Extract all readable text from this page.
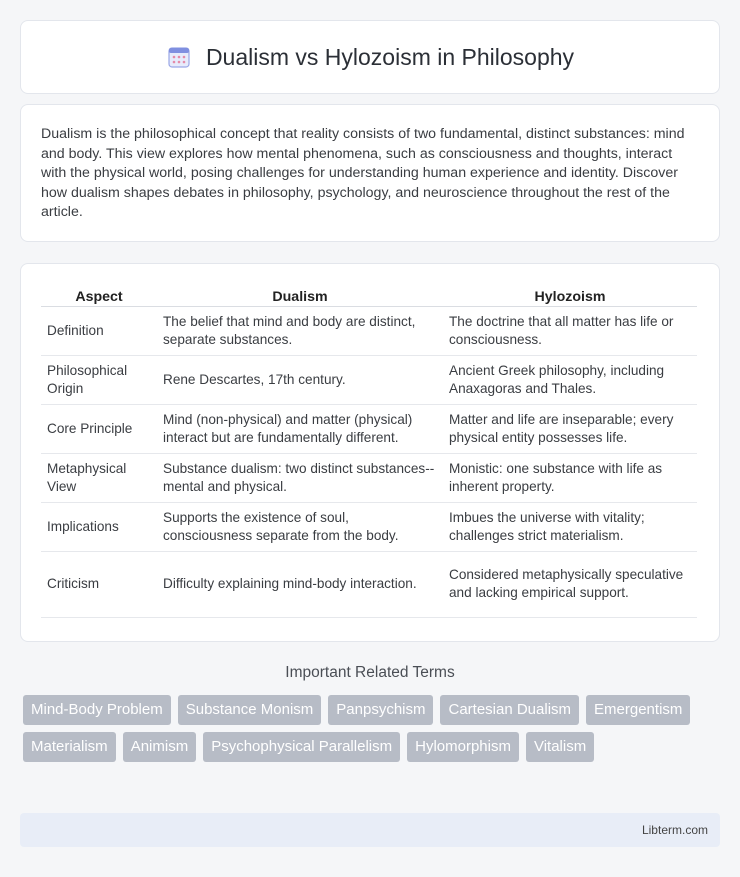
Dualism vs Hylozoism in Philosophy

Dualism is the philosophical concept that reality consists of two fundamental, distinct substances: mind and body. This view explores how mental phenomena, such as consciousness and thoughts, interact with the physical world, posing challenges for understanding human experience and identity. Discover how dualism shapes debates in philosophy, psychology, and neuroscience throughout the rest of the article.

Aspect	Dualism	Hylozoism
Definition	The belief that mind and body are distinct, separate substances.	The doctrine that all matter has life or consciousness.
Philosophical Origin	Rene Descartes, 17th century.	Ancient Greek philosophy, including Anaxagoras and Thales.
Core Principle	Mind (non-physical) and matter (physical) interact but are fundamentally different.	Matter and life are inseparable; every physical entity possesses life.
Metaphysical View	Substance dualism: two distinct substances--mental and physical.	Monistic: one substance with life as inherent property.
Implications	Supports the existence of soul, consciousness separate from the body.	Imbues the universe with vitality; challenges strict materialism.
Criticism	Difficulty explaining mind-body interaction.	Considered metaphysically speculative and lacking empirical support.
Important Related Terms
Mind-Body Problem	Substance Monism	Panpsychism	Cartesian Dualism	Emergentism
Materialism	Animism	Psychophysical Parallelism	Hylomorphism	Vitalism
Libterm.com
